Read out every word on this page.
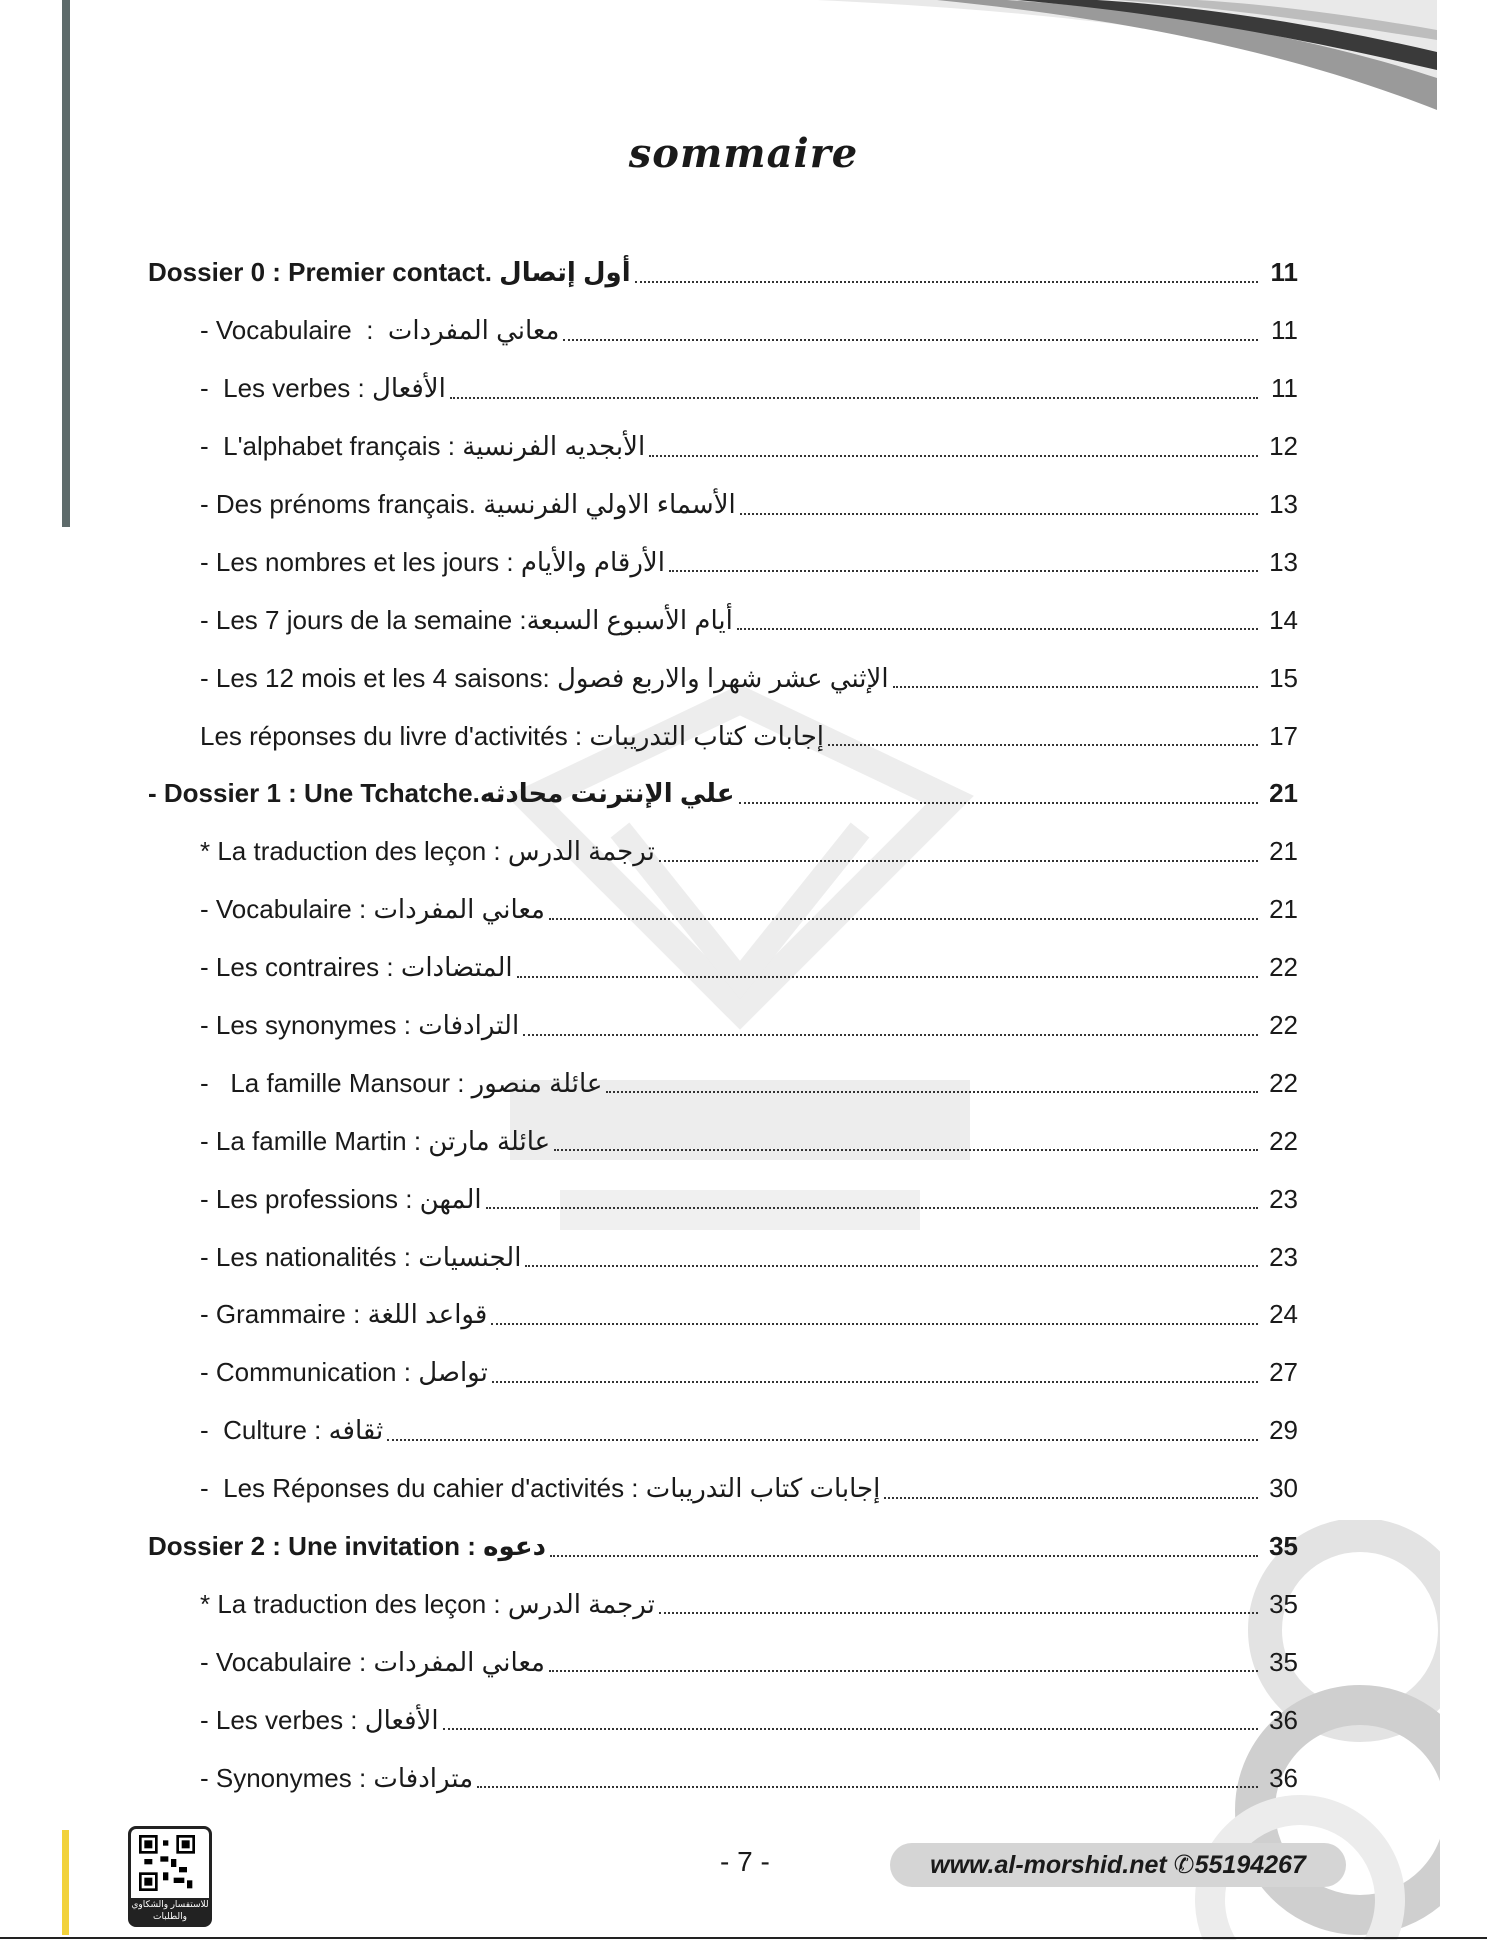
sommaire
Dossier 0 : Premier contact. أول إتصال	11
- Vocabulaire  :  معاني المفردات	11
-  Les verbes : الأفعال	11
-  L'alphabet français : الأبجديه الفرنسية	12
- Des prénoms français. الأسماء الاولي الفرنسية	13
- Les nombres et les jours : الأرقام والأيام	13
- Les 7 jours de la semaine :أيام الأسبوع السبعة	14
- Les 12 mois et les 4 saisons: الإثني عشر شهرا والاربع فصول	15
Les réponses du livre d'activités : إجابات كتاب التدريبات	17
- Dossier 1 : Une Tchatche.علي الإنترنت محادثه	21
* La traduction des leçon : ترجمة الدرس	21
- Vocabulaire : معاني المفردات	21
- Les contraires : المتضادات	22
- Les synonymes : الترادفات	22
-   La famille Mansour : عائلة منصور	22
- La famille Martin : عائلة مارتن	22
- Les professions : المهن	23
- Les nationalités : الجنسيات	23
- Grammaire : قواعد اللغة	24
- Communication : تواصل	27
-  Culture : ثقافه	29
-  Les Réponses du cahier d'activités : إجابات كتاب التدريبات	30
Dossier 2 : Une invitation : دعوه	35
* La traduction des leçon : ترجمة الدرس	35
- Vocabulaire : معاني المفردات	35
- Les verbes : الأفعال	36
- Synonymes : مترادفات	36
للاستفسار والشكاوي والطلبات
- 7 -	www.al-morshid.net ✆55194267
